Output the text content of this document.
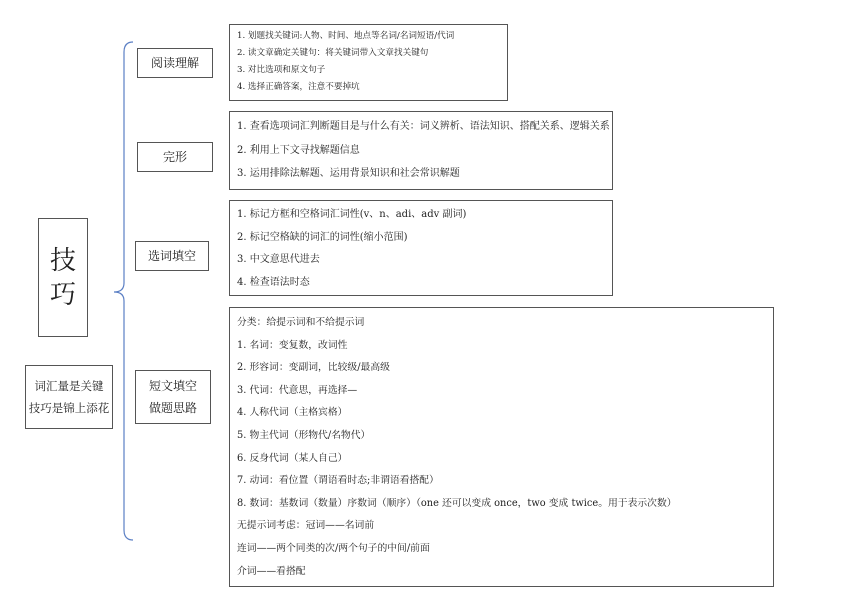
技巧
词汇量是关键
技巧是锦上添花
阅读理解
完形
选词填空
短文填空
做题思路
1. 划题找关键词:人物、时间、地点等名词/名词短语/代词
2. 读文章确定关键句：将关键词带入文章找关键句
3. 对比选项和原文句子
4. 选择正确答案，注意不要掉坑
1. 查看选项词汇判断题目是与什么有关：词义辨析、语法知识、搭配关系、逻辑关系
2. 利用上下文寻找解题信息
3. 运用排除法解题、运用背景知识和社会常识解题
1. 标记方框和空格词汇词性(v、n、adi、adv 副词)
2. 标记空格缺的词汇的词性(缩小范围)
3. 中文意思代进去
4. 检查语法时态
分类：给提示词和不给提示词
1. 名词：变复数，改词性
2. 形容词：变副词，比较级/最高级
3. 代词：代意思，再选择—
4. 人称代词（主格宾格）
5. 物主代词（形物代/名物代）
6. 反身代词（某人自己）
7. 动词：看位置（谓语看时态;非谓语看搭配）
8. 数词：基数词（数量）序数词（顺序）（one 还可以变成 once，two 变成 twice。用于表示次数）
无提示词考虑：冠词——名词前
连词——两个同类的次/两个句子的中间/前面
介词——看搭配
